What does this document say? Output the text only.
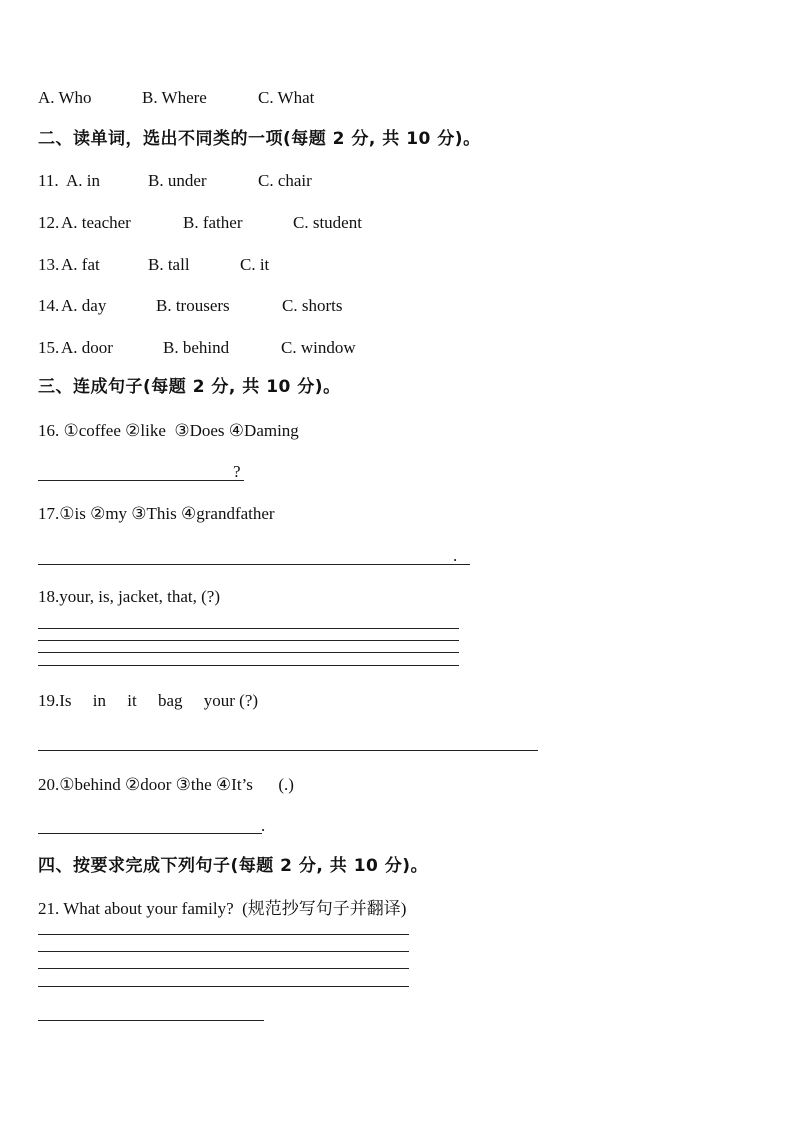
A. Who	B. Where	C. What
二、读单词，选出不同类的一项(每题 2 分, 共 10 分)。
11. A. in	B. under	C. chair
12. A. teacher	B. father	C. student
13. A. fat	B. tall	C. it
14. A. day	B. trousers	C. shorts
15. A. door	B. behind	C. window
三、连成句子(每题 2 分, 共 10 分)。
16. ①coffee ②like  ③Does ④Daming
?
17.①is ②my ③This ④grandfather
.
18.your, is, jacket, that, (?)
19.Is     in     it     bag     your (?)
20.①behind ②door ③the ④It’s      (.)
.
四、按要求完成下列句子(每题 2 分, 共 10 分)。
21. What about your family?  (规范抄写句子并翻译)
